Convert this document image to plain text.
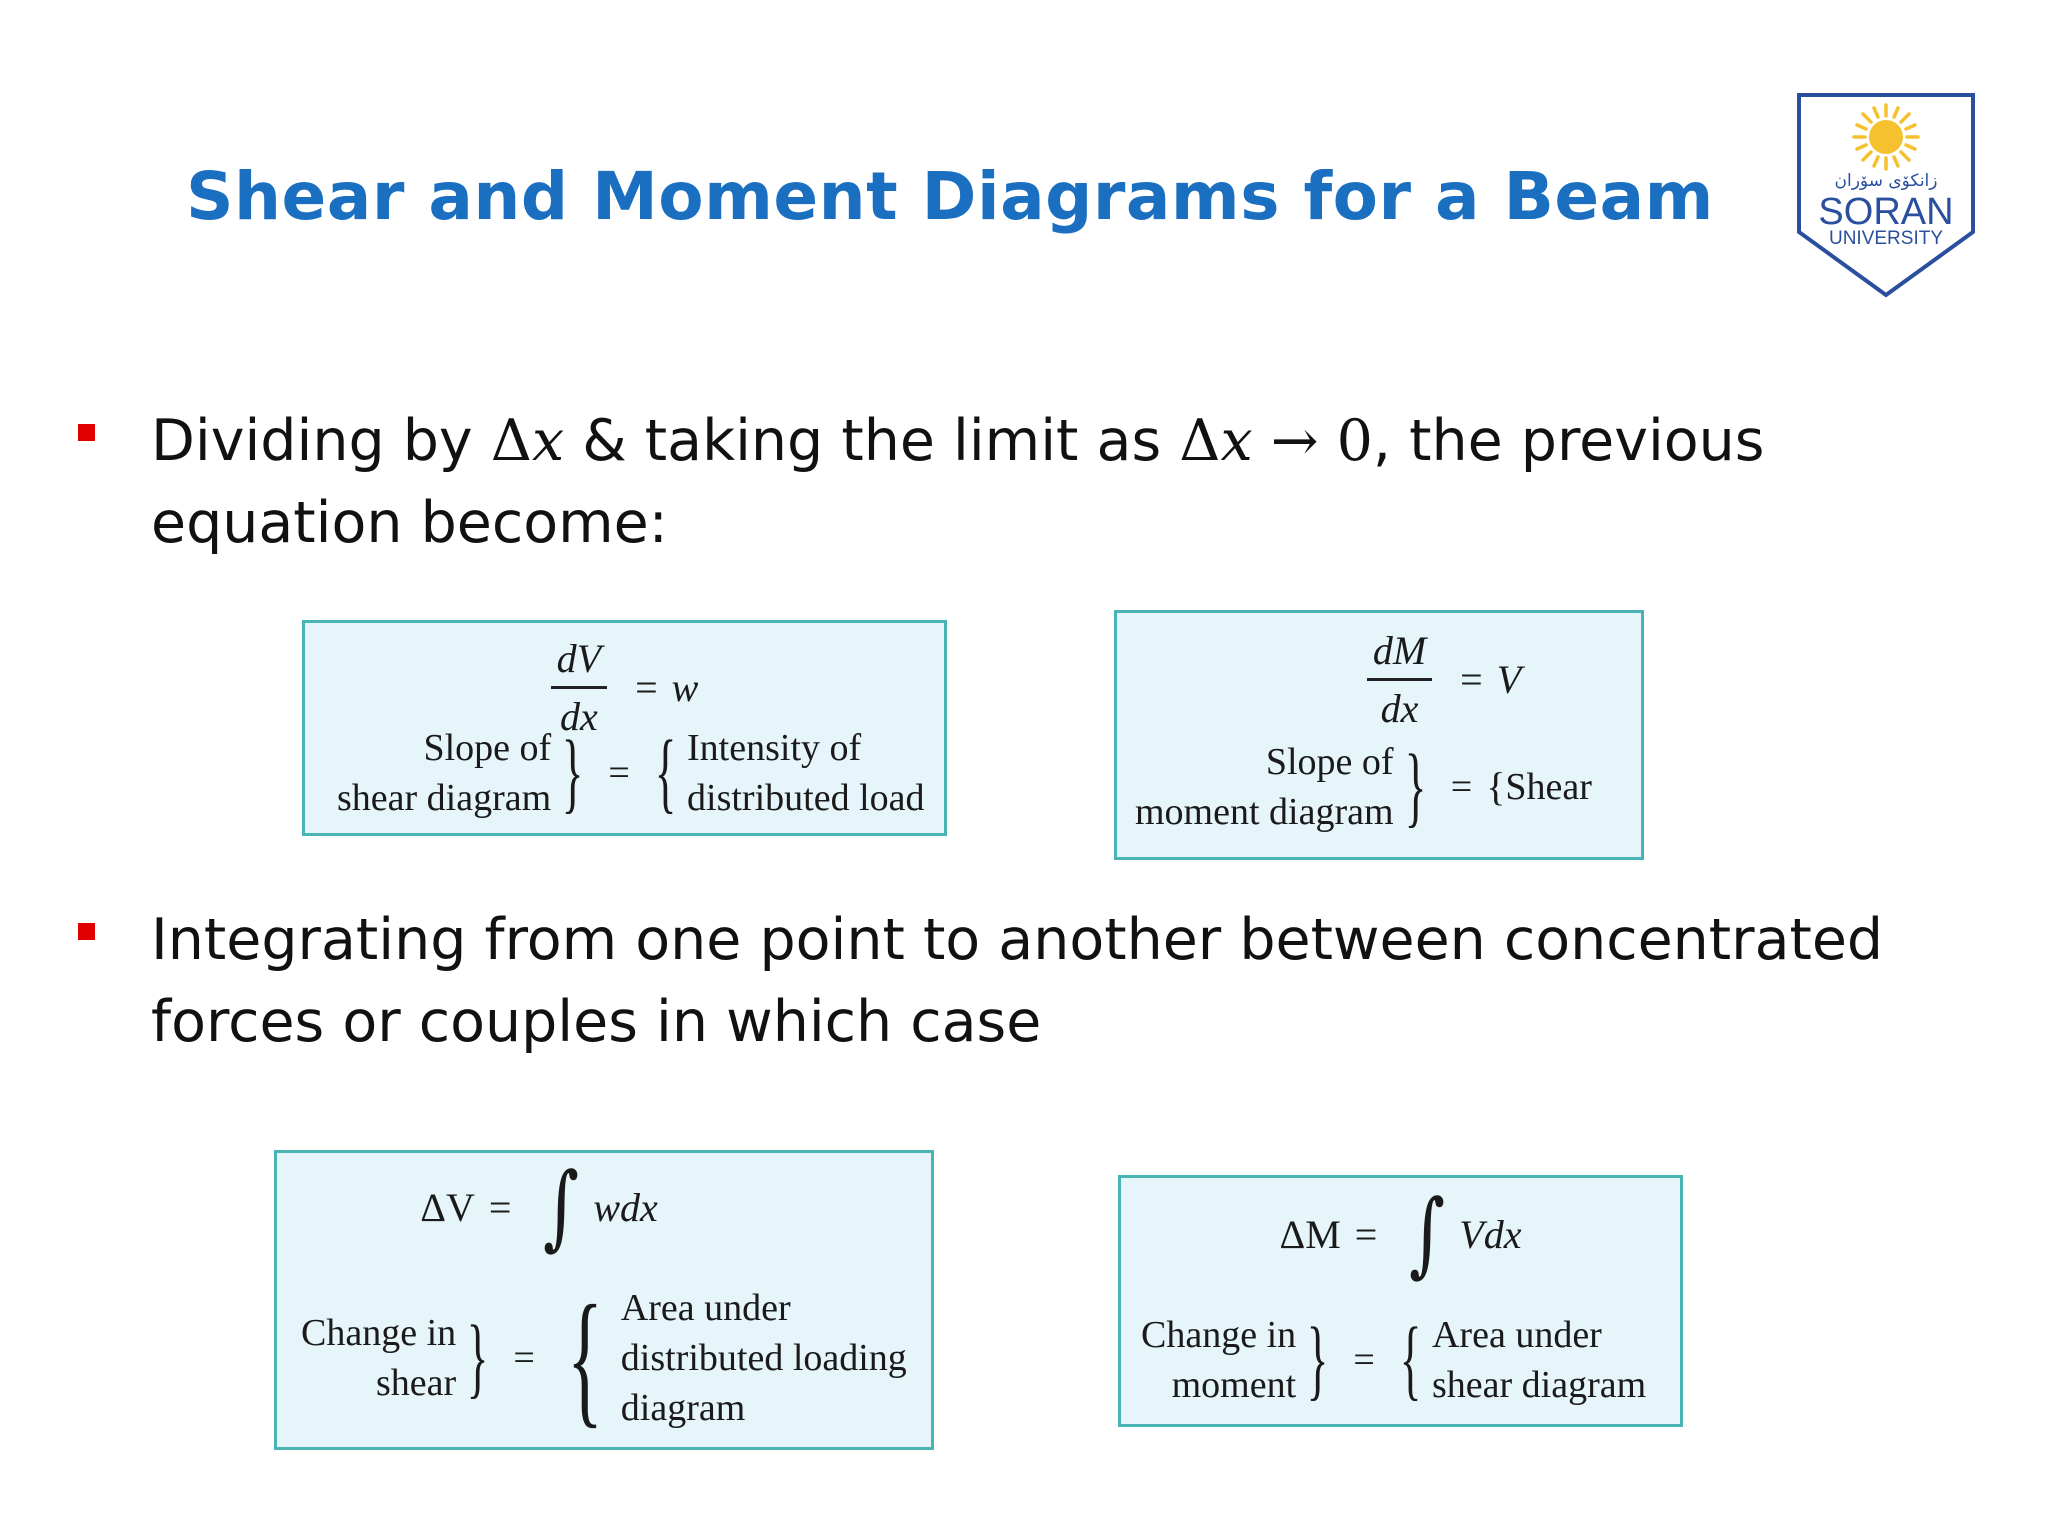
Shear and Moment Diagrams for a Beam	زانکۆی سۆران
SORAN
UNIVERSITY
Dividing by Δx & taking the limit as Δx → 0, the previous equation become:
$\frac{dV}{dx} = w$
Slope of
shear diagram } = { Intensity of
distributed load
$\frac{dM}{dx} = V$
Slope of
moment diagram } = { Shear
Integrating from one point to another between concentrated forces or couples in which case
ΔV = ∫ wdx
Change in
shear } = { Area under
distributed loading
diagram
ΔM = ∫ Vdx
Change in
moment } = { Area under
shear diagram
